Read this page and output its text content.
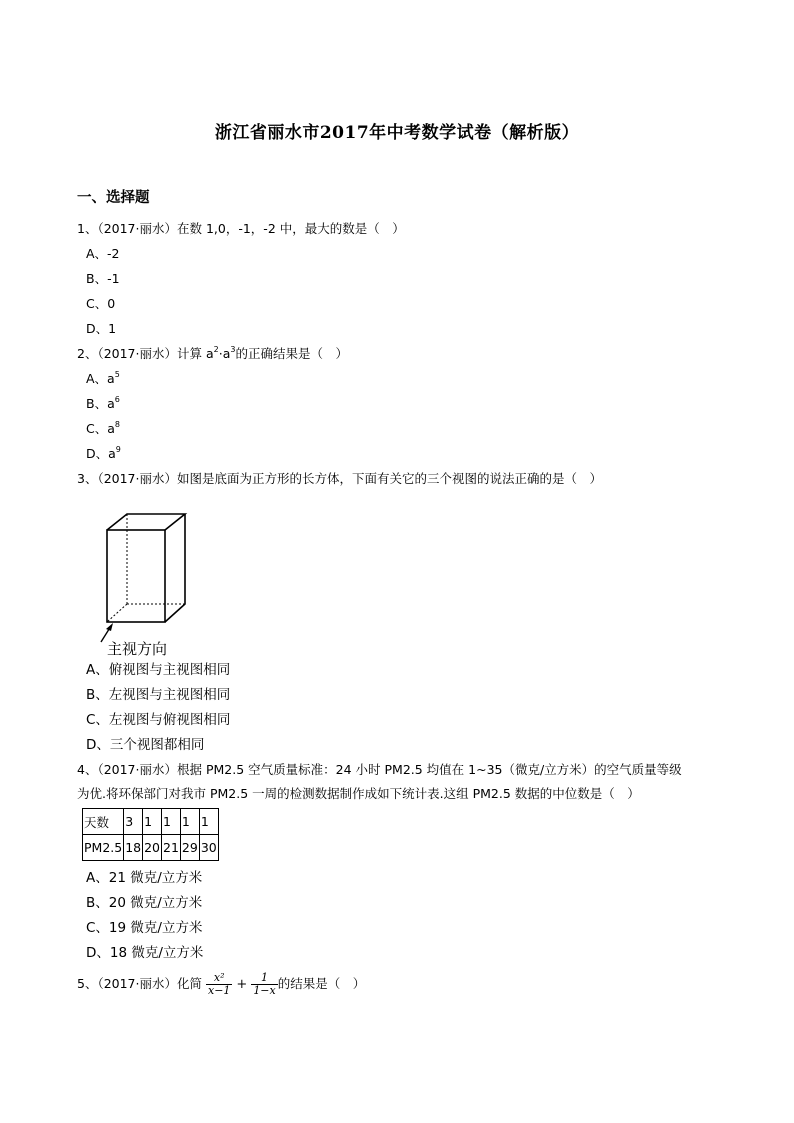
浙江省丽水市2017年中考数学试卷（解析版）
一、选择题
1、（2017·丽水）在数 1,0，-1，-2 中，最大的数是（　）
A、-2
B、-1
C、0
D、1
2、（2017·丽水）计算 $a^2\cdot a^3$的正确结果是（　）
A、$a^5$
B、$a^6$
C、$a^8$
D、$a^9$
3、（2017·丽水）如图是底面为正方形的长方体，下面有关它的三个视图的说法正确的是（　）
主视方向
A、俯视图与主视图相同
B、左视图与主视图相同
C、左视图与俯视图相同
D、三个视图都相同
4、（2017·丽水）根据 PM2.5 空气质量标准：24 小时 PM2.5 均值在 1~35（微克/立方米）的空气质量等级
为优.将环保部门对我市 PM2.5 一周的检测数据制作成如下统计表.这组 PM2.5 数据的中位数是（　）
天数	3	1	1	1	1
PM2.5	18	20	21	29	30
A、21 微克/立方米
B、20 微克/立方米
C、19 微克/立方米
D、18 微克/立方米
5、（2017·丽水）化简 $\frac{\text{x²}}{x-1} + \frac{1}{1-x}$ 的结果是（　）
